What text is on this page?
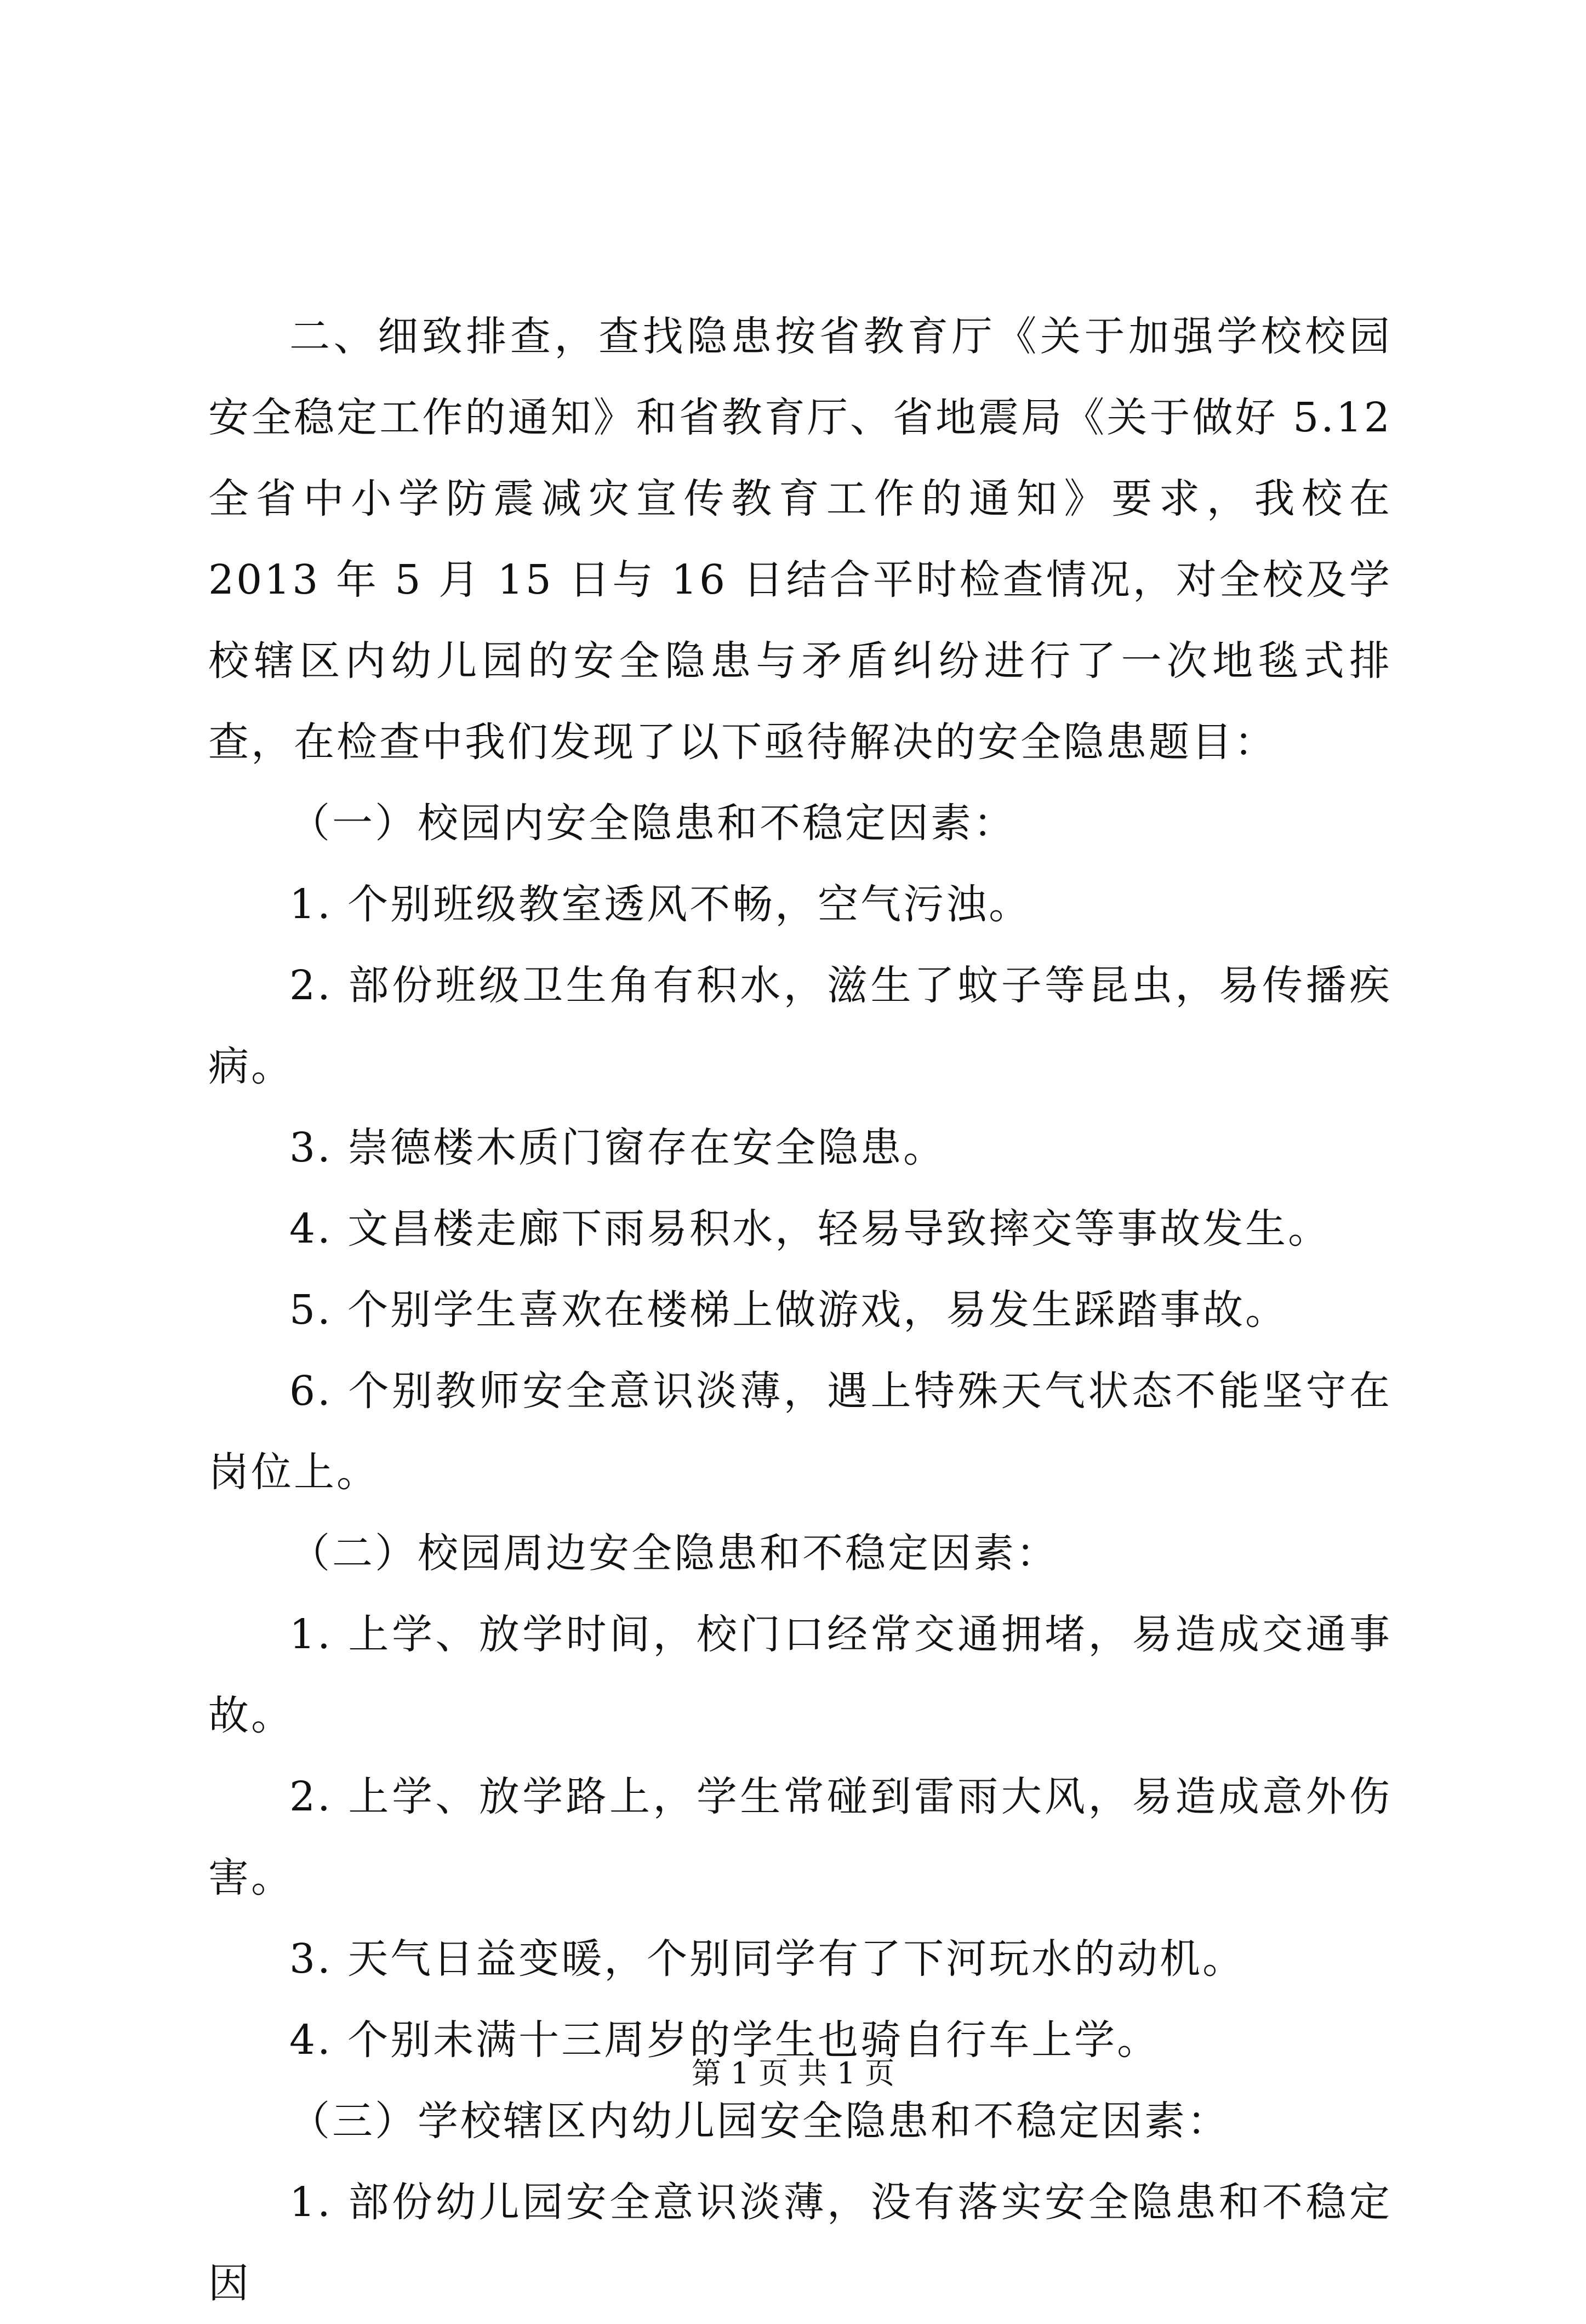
二、细致排查，查找隐患按省教育厅《关于加强学校校园安全稳定工作的通知》和省教育厅、省地震局《关于做好 5.12 全省中小学防震减灾宣传教育工作的通知》要求，我校在 2013 年 5 月 15 日与 16 日结合平时检查情况，对全校及学校辖区内幼儿园的安全隐患与矛盾纠纷进行了一次地毯式排查，在检查中我们发现了以下亟待解决的安全隐患题目：

（一）校园内安全隐患和不稳定因素：

1. 个别班级教室透风不畅，空气污浊。

2. 部份班级卫生角有积水，滋生了蚊子等昆虫，易传播疾病。

3. 崇德楼木质门窗存在安全隐患。

4. 文昌楼走廊下雨易积水，轻易导致摔交等事故发生。

5. 个别学生喜欢在楼梯上做游戏，易发生踩踏事故。

6. 个别教师安全意识淡薄，遇上特殊天气状态不能坚守在岗位上。

（二）校园周边安全隐患和不稳定因素：

1. 上学、放学时间，校门口经常交通拥堵，易造成交通事故。

2. 上学、放学路上，学生常碰到雷雨大风，易造成意外伤害。

3. 天气日益变暖，个别同学有了下河玩水的动机。

4. 个别未满十三周岁的学生也骑自行车上学。

（三）学校辖区内幼儿园安全隐患和不稳定因素：

1. 部份幼儿园安全意识淡薄，没有落实安全隐患和不稳定因

第 1 页 共 1 页
